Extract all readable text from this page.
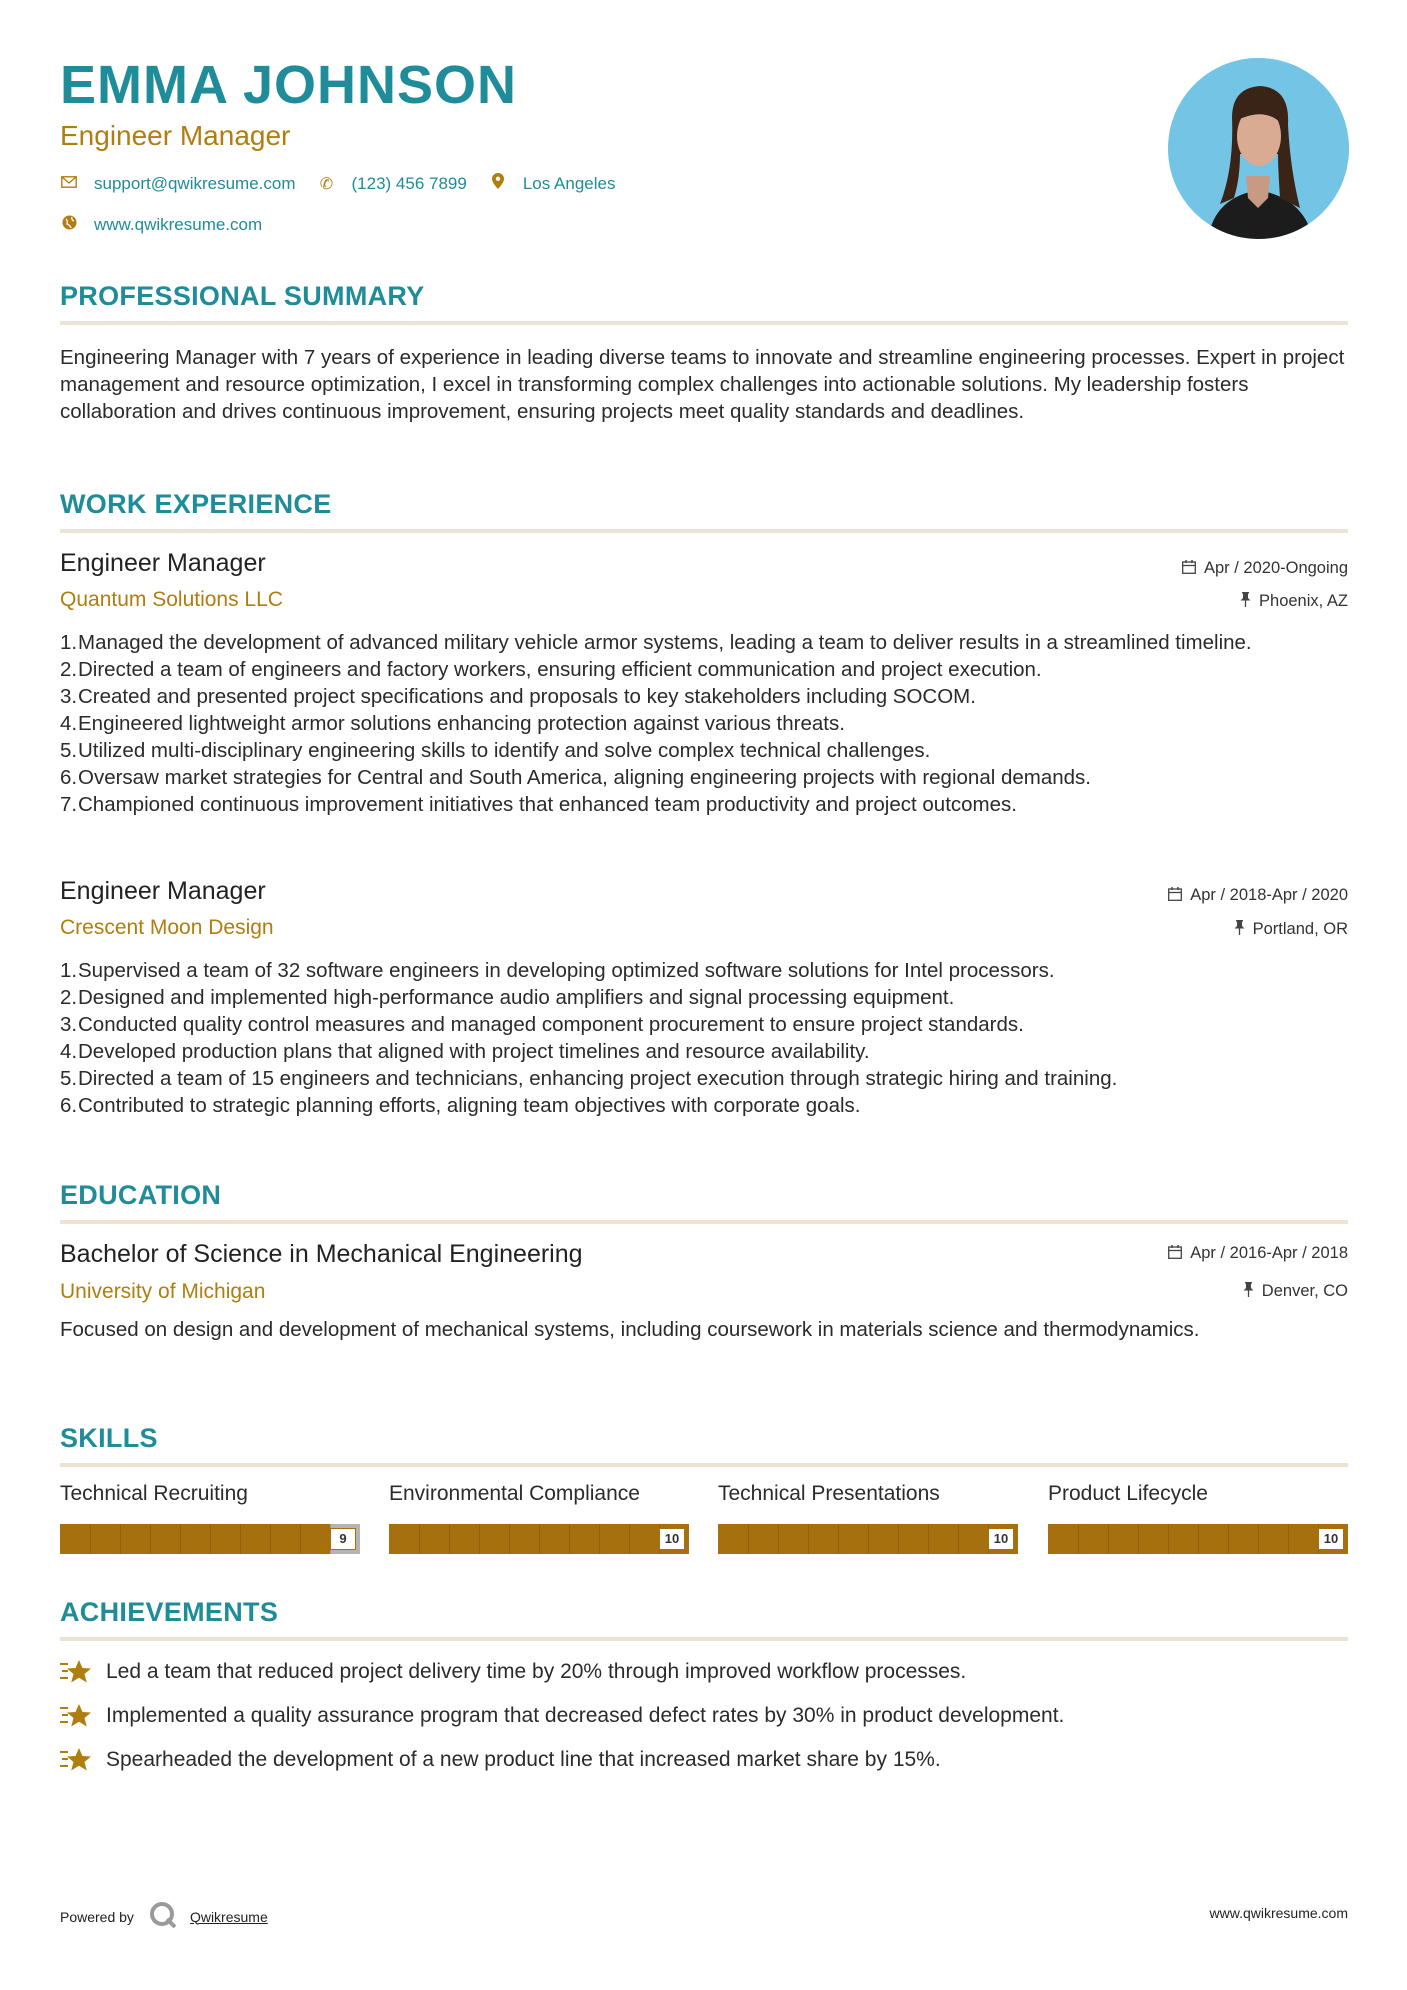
EMMA JOHNSON
Engineer Manager
support@qwikresume.com ✆ (123) 456 7899	Los Angeles
www.qwikresume.com
PROFESSIONAL SUMMARY
Engineering Manager with 7 years of experience in leading diverse teams to innovate and streamline engineering processes. Expert in project management and resource optimization, I excel in transforming complex challenges into actionable solutions. My leadership fosters collaboration and drives continuous improvement, ensuring projects meet quality standards and deadlines.
WORK EXPERIENCE
Engineer Manager	Apr / 2020-Ongoing
Quantum Solutions LLC	Phoenix, AZ
1. Managed the development of advanced military vehicle armor systems, leading a team to deliver results in a streamlined timeline.
2. Directed a team of engineers and factory workers, ensuring efficient communication and project execution.
3. Created and presented project specifications and proposals to key stakeholders including SOCOM.
4. Engineered lightweight armor solutions enhancing protection against various threats.
5. Utilized multi-disciplinary engineering skills to identify and solve complex technical challenges.
6. Oversaw market strategies for Central and South America, aligning engineering projects with regional demands.
7. Championed continuous improvement initiatives that enhanced team productivity and project outcomes.
Engineer Manager	Apr / 2018-Apr / 2020
Crescent Moon Design	Portland, OR
1. Supervised a team of 32 software engineers in developing optimized software solutions for Intel processors.
2. Designed and implemented high-performance audio amplifiers and signal processing equipment.
3. Conducted quality control measures and managed component procurement to ensure project standards.
4. Developed production plans that aligned with project timelines and resource availability.
5. Directed a team of 15 engineers and technicians, enhancing project execution through strategic hiring and training.
6. Contributed to strategic planning efforts, aligning team objectives with corporate goals.
EDUCATION
Bachelor of Science in Mechanical Engineering	Apr / 2016-Apr / 2018
University of Michigan	Denver, CO
Focused on design and development of mechanical systems, including coursework in materials science and thermodynamics.
SKILLS
Technical Recruiting
9
Environmental Compliance
10
Technical Presentations
10
Product Lifecycle
10
ACHIEVEMENTS
Led a team that reduced project delivery time by 20% through improved workflow processes.
Implemented a quality assurance program that decreased defect rates by 30% in product development.
Spearheaded the development of a new product line that increased market share by 15%.
Powered by	Qwikresume	www.qwikresume.com
